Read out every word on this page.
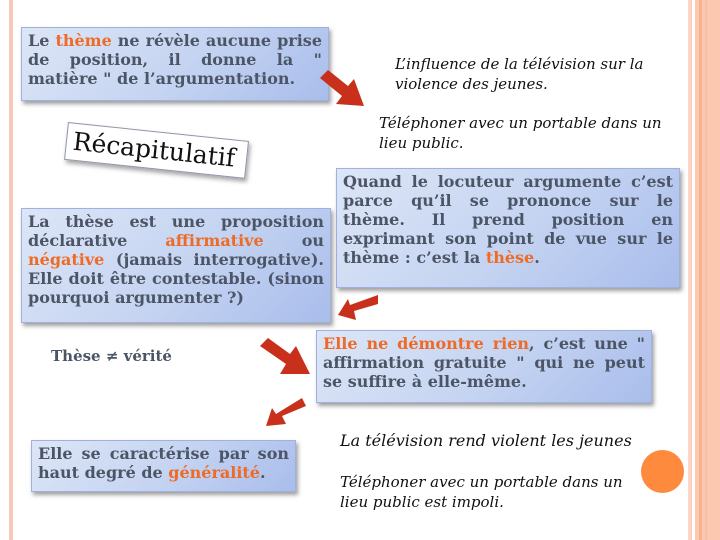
Le thème ne révèle aucune prise de position, il donne la " matière " de l’argumentation.
L’influence de la télévision sur la violence des jeunes.
Téléphoner avec un portable dans un lieu public.
Récapitulatif
Quand le locuteur argumente c’est parce qu’il se prononce sur le thème. Il prend position en exprimant son point de vue sur le thème : c’est la thèse.
La thèse est une proposition déclarative affirmative ou négative (jamais interrogative). Elle doit être contestable. (sinon pourquoi argumenter ?)
Thèse ≠ vérité
Elle ne démontre rien, c’est une " affirmation gratuite " qui ne peut se suffire à elle-même.
Elle se caractérise par son haut degré de généralité.
La télévision rend violent les jeunes
Téléphoner avec un portable dans un lieu public est impoli.
